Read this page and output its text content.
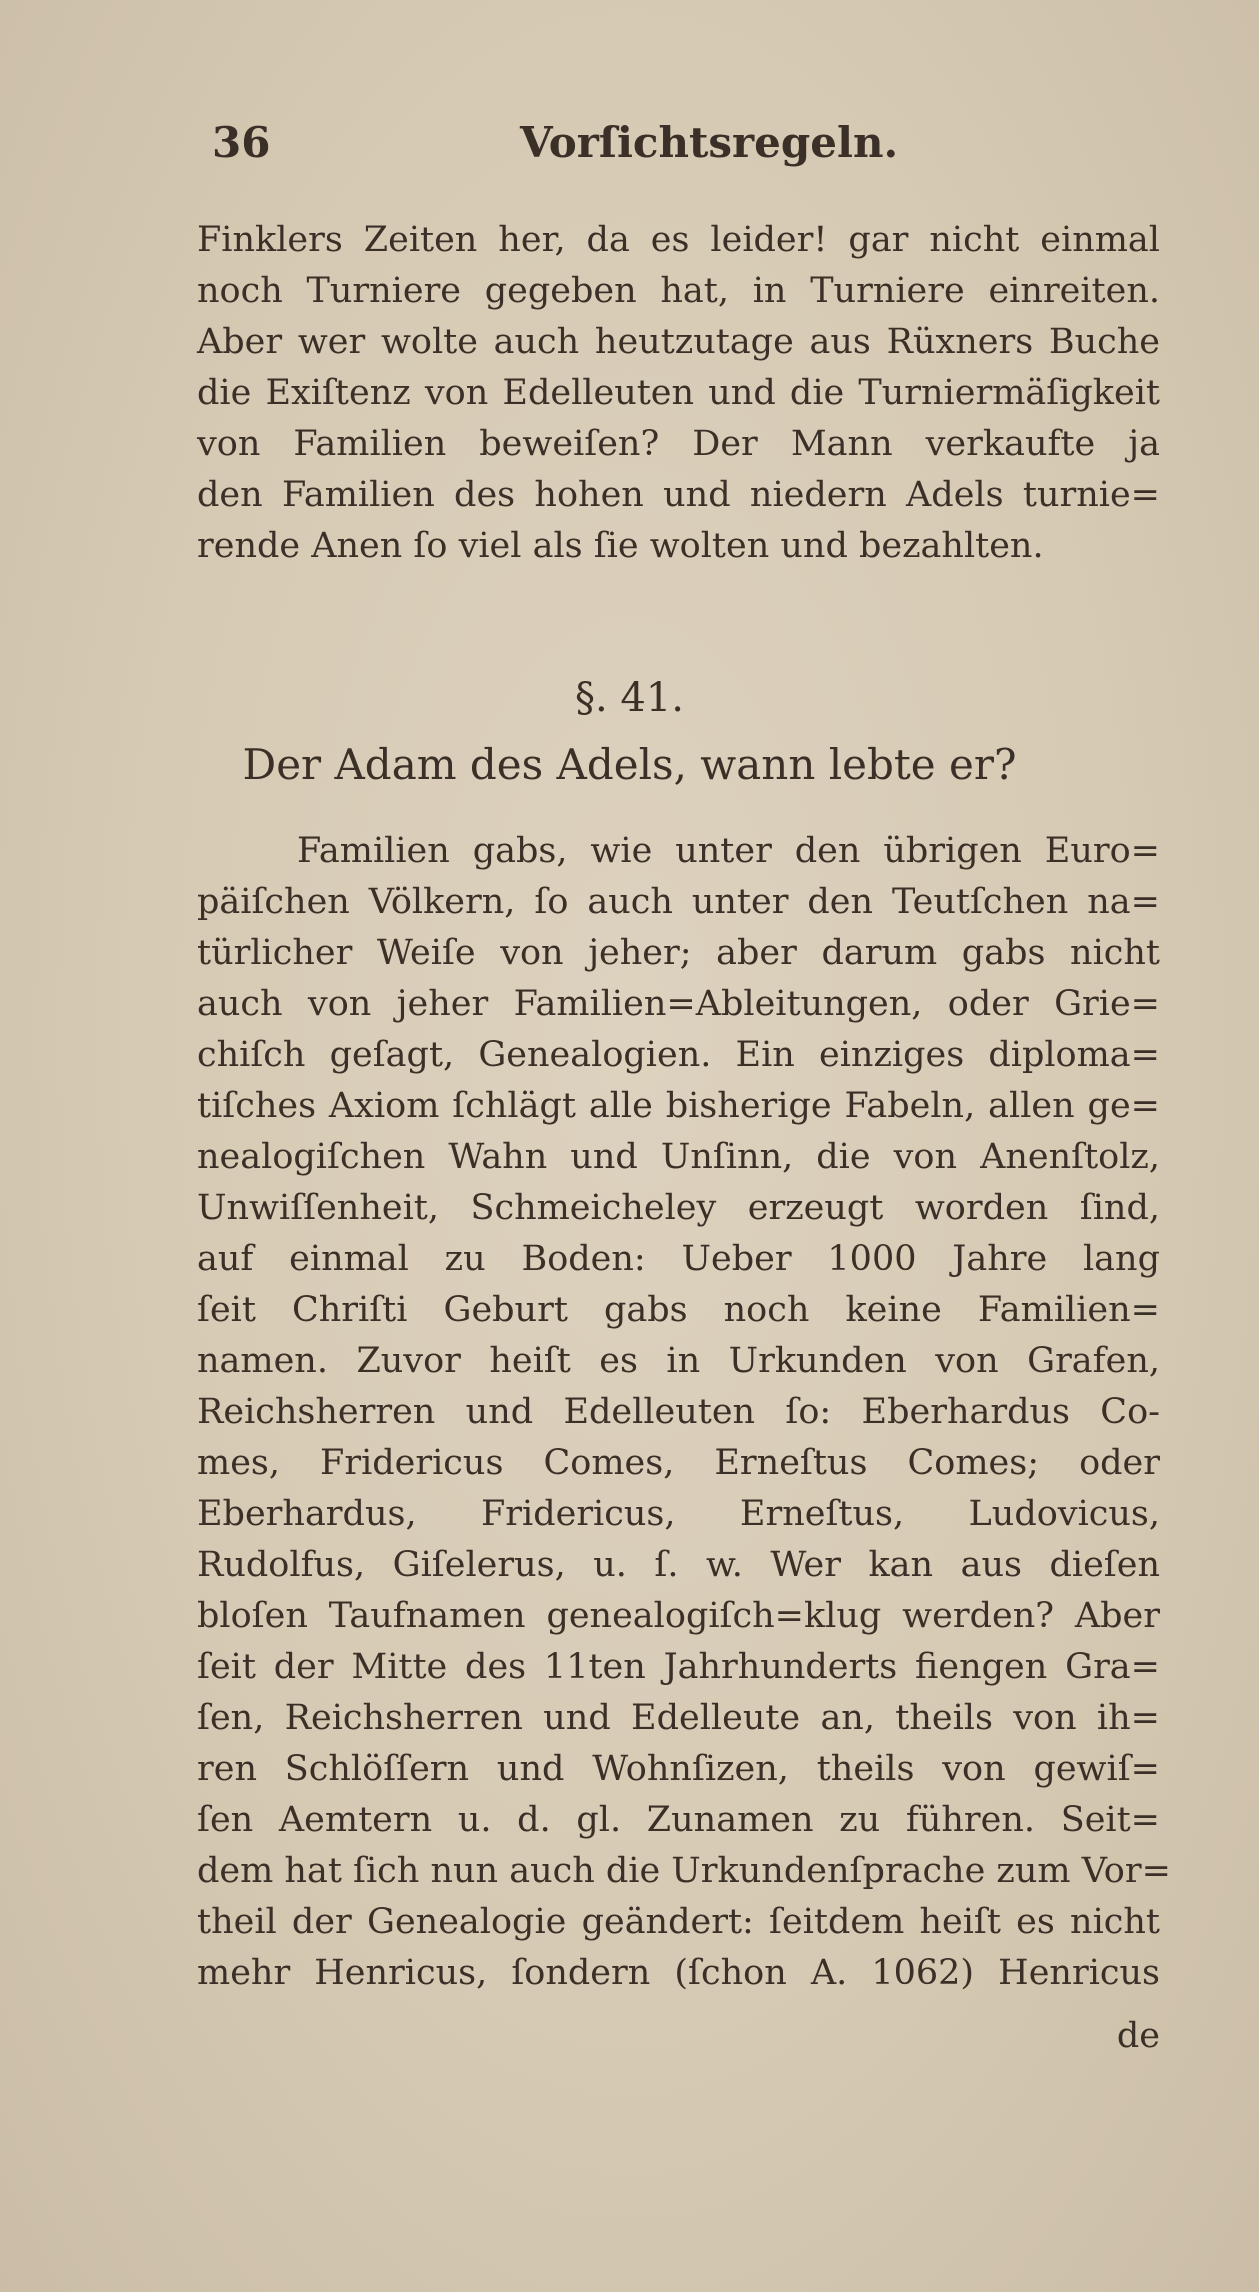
36	Vorſichtsregeln.
Finklers Zeiten her, da es leider! gar nicht einmal
noch Turniere gegeben hat, in Turniere einreiten.
Aber wer wolte auch heutzutage aus Rüxners Buche
die Exiſtenz von Edelleuten und die Turniermäſigkeit
von Familien beweiſen? Der Mann verkaufte ja
den Familien des hohen und niedern Adels turnie=
rende Anen ſo viel als ſie wolten und bezahlten.
§. 41.
Der Adam des Adels, wann lebte er?
Familien gabs, wie unter den übrigen Euro=
päiſchen Völkern, ſo auch unter den Teutſchen na=
türlicher Weiſe von jeher; aber darum gabs nicht
auch von jeher Familien=Ableitungen, oder Grie=
chiſch geſagt, Genealogien. Ein einziges diploma=
tiſches Axiom ſchlägt alle bisherige Fabeln, allen ge=
nealogiſchen Wahn und Unſinn, die von Anenſtolz,
Unwiſſenheit, Schmeicheley erzeugt worden ſind,
auf einmal zu Boden: Ueber 1000 Jahre lang
ſeit Chriſti Geburt gabs noch keine Familien=
namen. Zuvor heiſt es in Urkunden von Grafen,
Reichsherren und Edelleuten ſo: Eberhardus Co-
mes, Fridericus Comes, Erneſtus Comes; oder
Eberhardus, Fridericus, Erneſtus, Ludovicus,
Rudolfus, Giſelerus, u. ſ. w. Wer kan aus dieſen
bloſen Taufnamen genealogiſch=klug werden? Aber
ſeit der Mitte des 11ten Jahrhunderts fiengen Gra=
ſen, Reichsherren und Edelleute an, theils von ih=
ren Schlöſſern und Wohnſizen, theils von gewiſ=
ſen Aemtern u. d. gl. Zunamen zu führen. Seit=
dem hat ſich nun auch die Urkundenſprache zum Vor=
theil der Genealogie geändert: ſeitdem heiſt es nicht
mehr Henricus, ſondern (ſchon A. 1062) Henricus
de
